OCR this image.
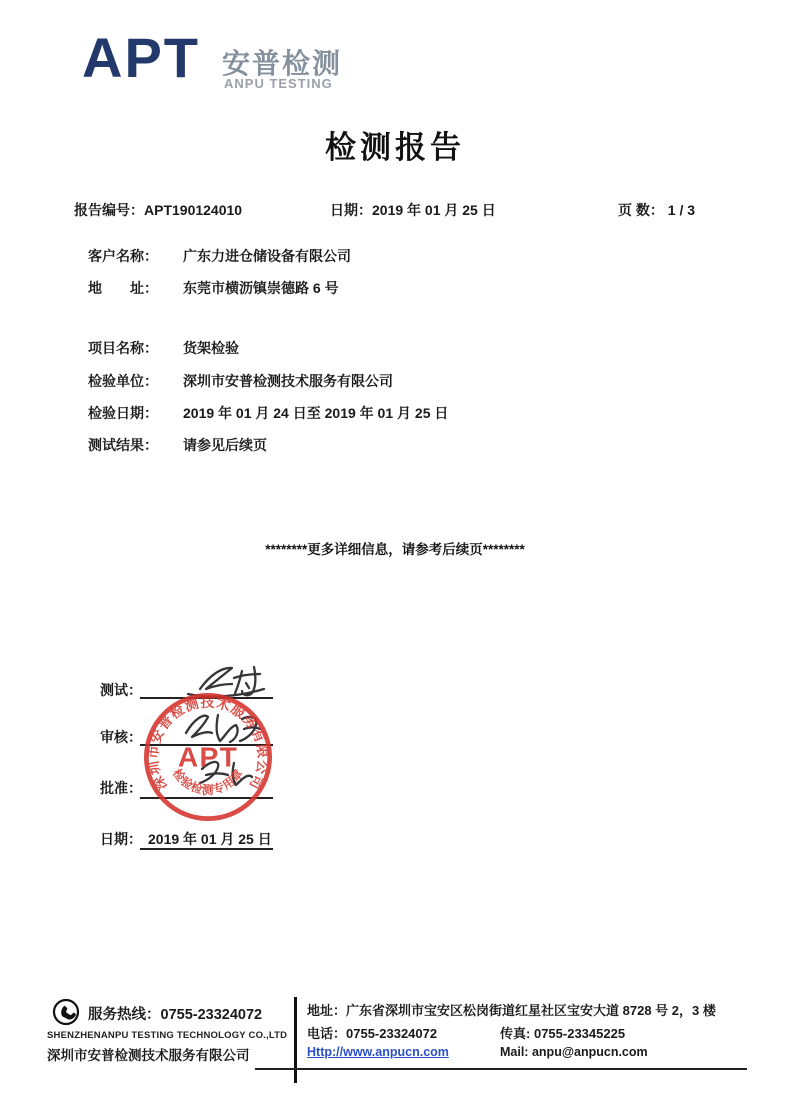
APT 安普检测
ANPU TESTING
检测报告
报告编号：APT190124010	日期：2019 年 01 月 25 日	页 数： 1 / 3
客户名称：	广东力进仓储设备有限公司
地　　址：	东莞市横沥镇崇德路 6 号
项目名称：	货架检验
检验单位：	深圳市安普检测技术服务有限公司
检验日期：	2019 年 01 月 24 日至 2019 年 01 月 25 日
测试结果：	请参见后续页
********更多详细信息，请参考后续页********
测试：
审核：
批准：
日期： 2019 年 01 月 25 日
深圳市安普检测技术服务有限公司
APT
检验检测专用章
服务热线：0755-23324072
SHENZHENANPU TESTING TECHNOLOGY CO.,LTD
深圳市安普检测技术服务有限公司
地址：广东省深圳市宝安区松岗街道红星社区宝安大道 8728 号 2，3 楼
电话：0755-23324072	传真: 0755-23345225
Http://www.anpucn.com	Mail: anpu@anpucn.com
